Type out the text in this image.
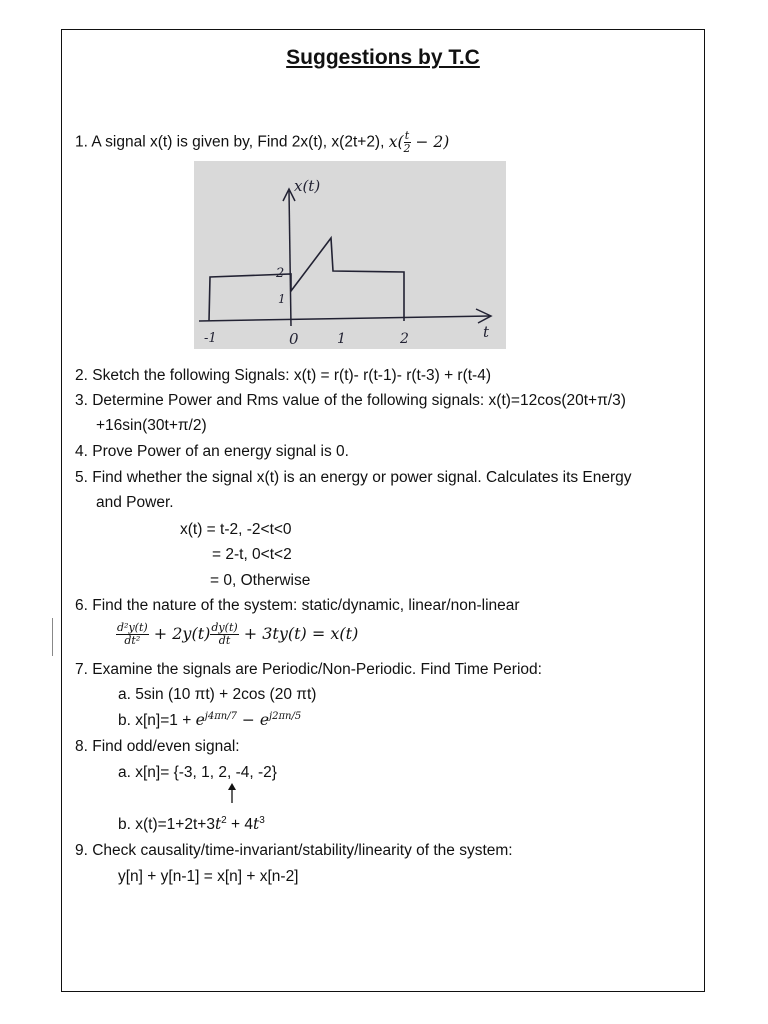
Suggestions by T.C
1. A signal x(t) is given by, Find 2x(t), x(2t+2), $x( \frac{t}{2} - 2)$
x(t)
t
2
1
-1	0	1	2
2. Sketch the following Signals: x(t) = r(t)- r(t-1)- r(t-3) + r(t-4)
3. Determine Power and Rms value of the following signals: x(t)=12cos(20t+π/3)
+16sin(30t+π/2)
4. Prove Power of an energy signal is 0.
5. Find whether the signal x(t) is an energy or power signal. Calculates its Energy
and Power.
x(t) = t-2, -2<t<0
= 2-t, 0<t<2
= 0, Otherwise
6. Find the nature of the system: static/dynamic, linear/non-linear
$\frac{\text{d²y(t)}}{\text{dt²}} + 2y(t) \frac{dy(t)}{dt} + 3ty(t) = x(t)$
7. Examine the signals are Periodic/Non-Periodic. Find Time Period:
a. 5sin (10 πt) + 2cos (20 πt)
b. $x[n]=1 + e^{j4\pi n/7} - e^{j2\pi n/5}$
8. Find odd/even signal:
a. x[n]= {-3, 1, 2, -4, -2}
b. $x(t)=1+2t+3t^2 + 4t^3$
9. Check causality/time-invariant/stability/linearity of the system:
y[n] + y[n-1] = x[n] + x[n-2]
